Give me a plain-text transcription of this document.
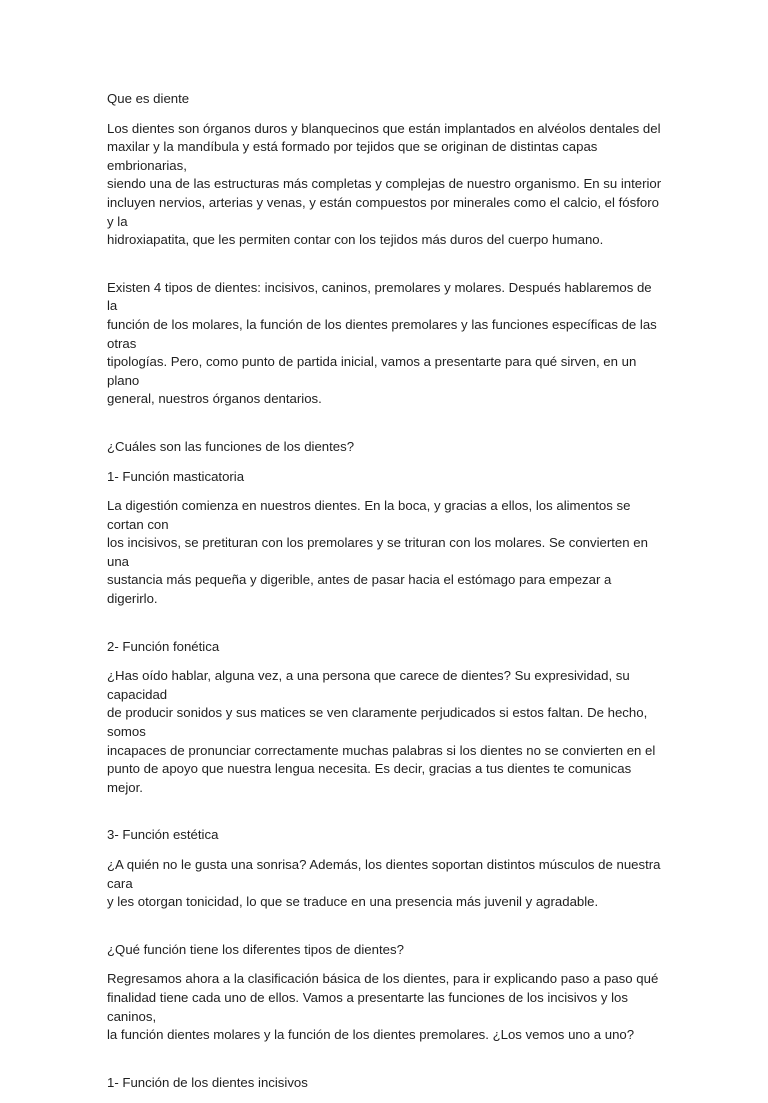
Que es diente

Los dientes son órganos duros y blanquecinos que están implantados en alvéolos dentales del
maxilar y la mandíbula y está formado por tejidos que se originan de distintas capas embrionarias,
siendo una de las estructuras más completas y complejas de nuestro organismo. En su interior
incluyen nervios, arterias y venas, y están compuestos por minerales como el calcio, el fósforo y la
hidroxiapatita, que les permiten contar con los tejidos más duros del cuerpo humano.

Existen 4 tipos de dientes: incisivos, caninos, premolares y molares. Después hablaremos de la
función de los molares, la función de los dientes premolares y las funciones específicas de las otras
tipologías. Pero, como punto de partida inicial, vamos a presentarte para qué sirven, en un plano
general, nuestros órganos dentarios.

¿Cuáles son las funciones de los dientes?

1- Función masticatoria

La digestión comienza en nuestros dientes. En la boca, y gracias a ellos, los alimentos se cortan con
los incisivos, se pretituran con los premolares y se trituran con los molares. Se convierten en una
sustancia más pequeña y digerible, antes de pasar hacia el estómago para empezar a digerirlo.

2- Función fonética

¿Has oído hablar, alguna vez, a una persona que carece de dientes? Su expresividad, su capacidad
de producir sonidos y sus matices se ven claramente perjudicados si estos faltan. De hecho, somos
incapaces de pronunciar correctamente muchas palabras si los dientes no se convierten en el
punto de apoyo que nuestra lengua necesita. Es decir, gracias a tus dientes te comunicas mejor.

3- Función estética

¿A quién no le gusta una sonrisa? Además, los dientes soportan distintos músculos de nuestra cara
y les otorgan tonicidad, lo que se traduce en una presencia más juvenil y agradable.

¿Qué función tiene los diferentes tipos de dientes?

Regresamos ahora a la clasificación básica de los dientes, para ir explicando paso a paso qué
finalidad tiene cada uno de ellos. Vamos a presentarte las funciones de los incisivos y los caninos,
la función dientes molares y la función de los dientes premolares. ¿Los vemos uno a uno?

1- Función de los dientes incisivos
